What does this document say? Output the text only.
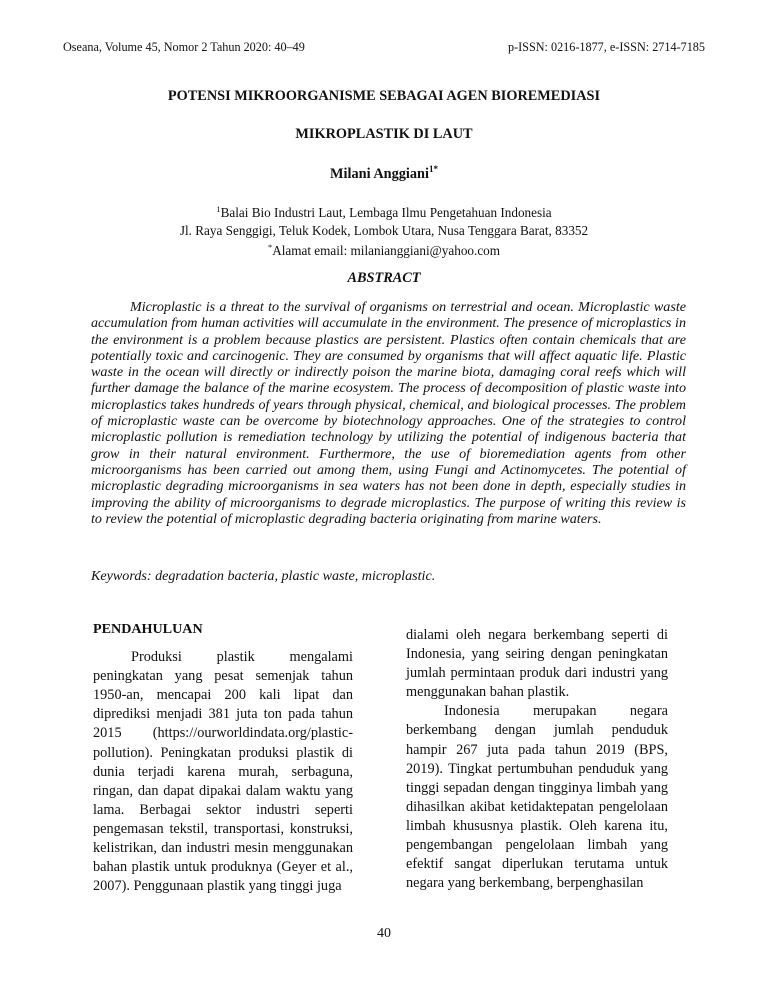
Oseana, Volume 45, Nomor 2 Tahun 2020: 40–49	p-ISSN: 0216-1877, e-ISSN: 2714-7185
POTENSI MIKROORGANISME SEBAGAI AGEN BIOREMEDIASI
MIKROPLASTIK DI LAUT
Milani Anggiani$^{1*}$
$^1$Balai Bio Industri Laut, Lembaga Ilmu Pengetahuan Indonesia
Jl. Raya Senggigi, Teluk Kodek, Lombok Utara, Nusa Tenggara Barat, 83352
*Alamat email: milanianggiani@yahoo.com
ABSTRACT

Microplastic is a threat to the survival of organisms on terrestrial and ocean. Microplastic waste accumulation from human activities will accumulate in the environment. The presence of microplastics in the environment is a problem because plastics are persistent. Plastics often contain chemicals that are potentially toxic and carcinogenic. They are consumed by organisms that will affect aquatic life. Plastic waste in the ocean will directly or indirectly poison the marine biota, damaging coral reefs which will further damage the balance of the marine ecosystem. The process of decomposition of plastic waste into microplastics takes hundreds of years through physical, chemical, and biological processes. The problem of microplastic waste can be overcome by biotechnology approaches. One of the strategies to control microplastic pollution is remediation technology by utilizing the potential of indigenous bacteria that grow in their natural environment. Furthermore, the use of bioremediation agents from other microorganisms has been carried out among them, using Fungi and Actinomycetes. The potential of microplastic degrading microorganisms in sea waters has not been done in depth, especially studies in improving the ability of microorganisms to degrade microplastics. The purpose of writing this review is to review the potential of microplastic degrading bacteria originating from marine waters.

Keywords: degradation bacteria, plastic waste, microplastic.
PENDAHULUAN

Produksi plastik mengalami peningkatan yang pesat semenjak tahun 1950-an, mencapai 200 kali lipat dan diprediksi menjadi 381 juta ton pada tahun 2015 (https://ourworldindata.org/plastic-pollution). Peningkatan produksi plastik di dunia terjadi karena murah, serbaguna, ringan, dan dapat dipakai dalam waktu yang lama. Berbagai sektor industri seperti pengemasan tekstil, transportasi, konstruksi, kelistrikan, dan industri mesin menggunakan bahan plastik untuk produknya (Geyer et al., 2007). Penggunaan plastik yang tinggi juga

dialami oleh negara berkembang seperti di Indonesia, yang seiring dengan peningkatan jumlah permintaan produk dari industri yang menggunakan bahan plastik.

Indonesia merupakan negara berkembang dengan jumlah penduduk hampir 267 juta pada tahun 2019 (BPS, 2019). Tingkat pertumbuhan penduduk yang tinggi sepadan dengan tingginya limbah yang dihasilkan akibat ketidaktepatan pengelolaan limbah khususnya plastik. Oleh karena itu, pengembangan pengelolaan limbah yang efektif sangat diperlukan terutama untuk negara yang berkembang, berpenghasilan

40
